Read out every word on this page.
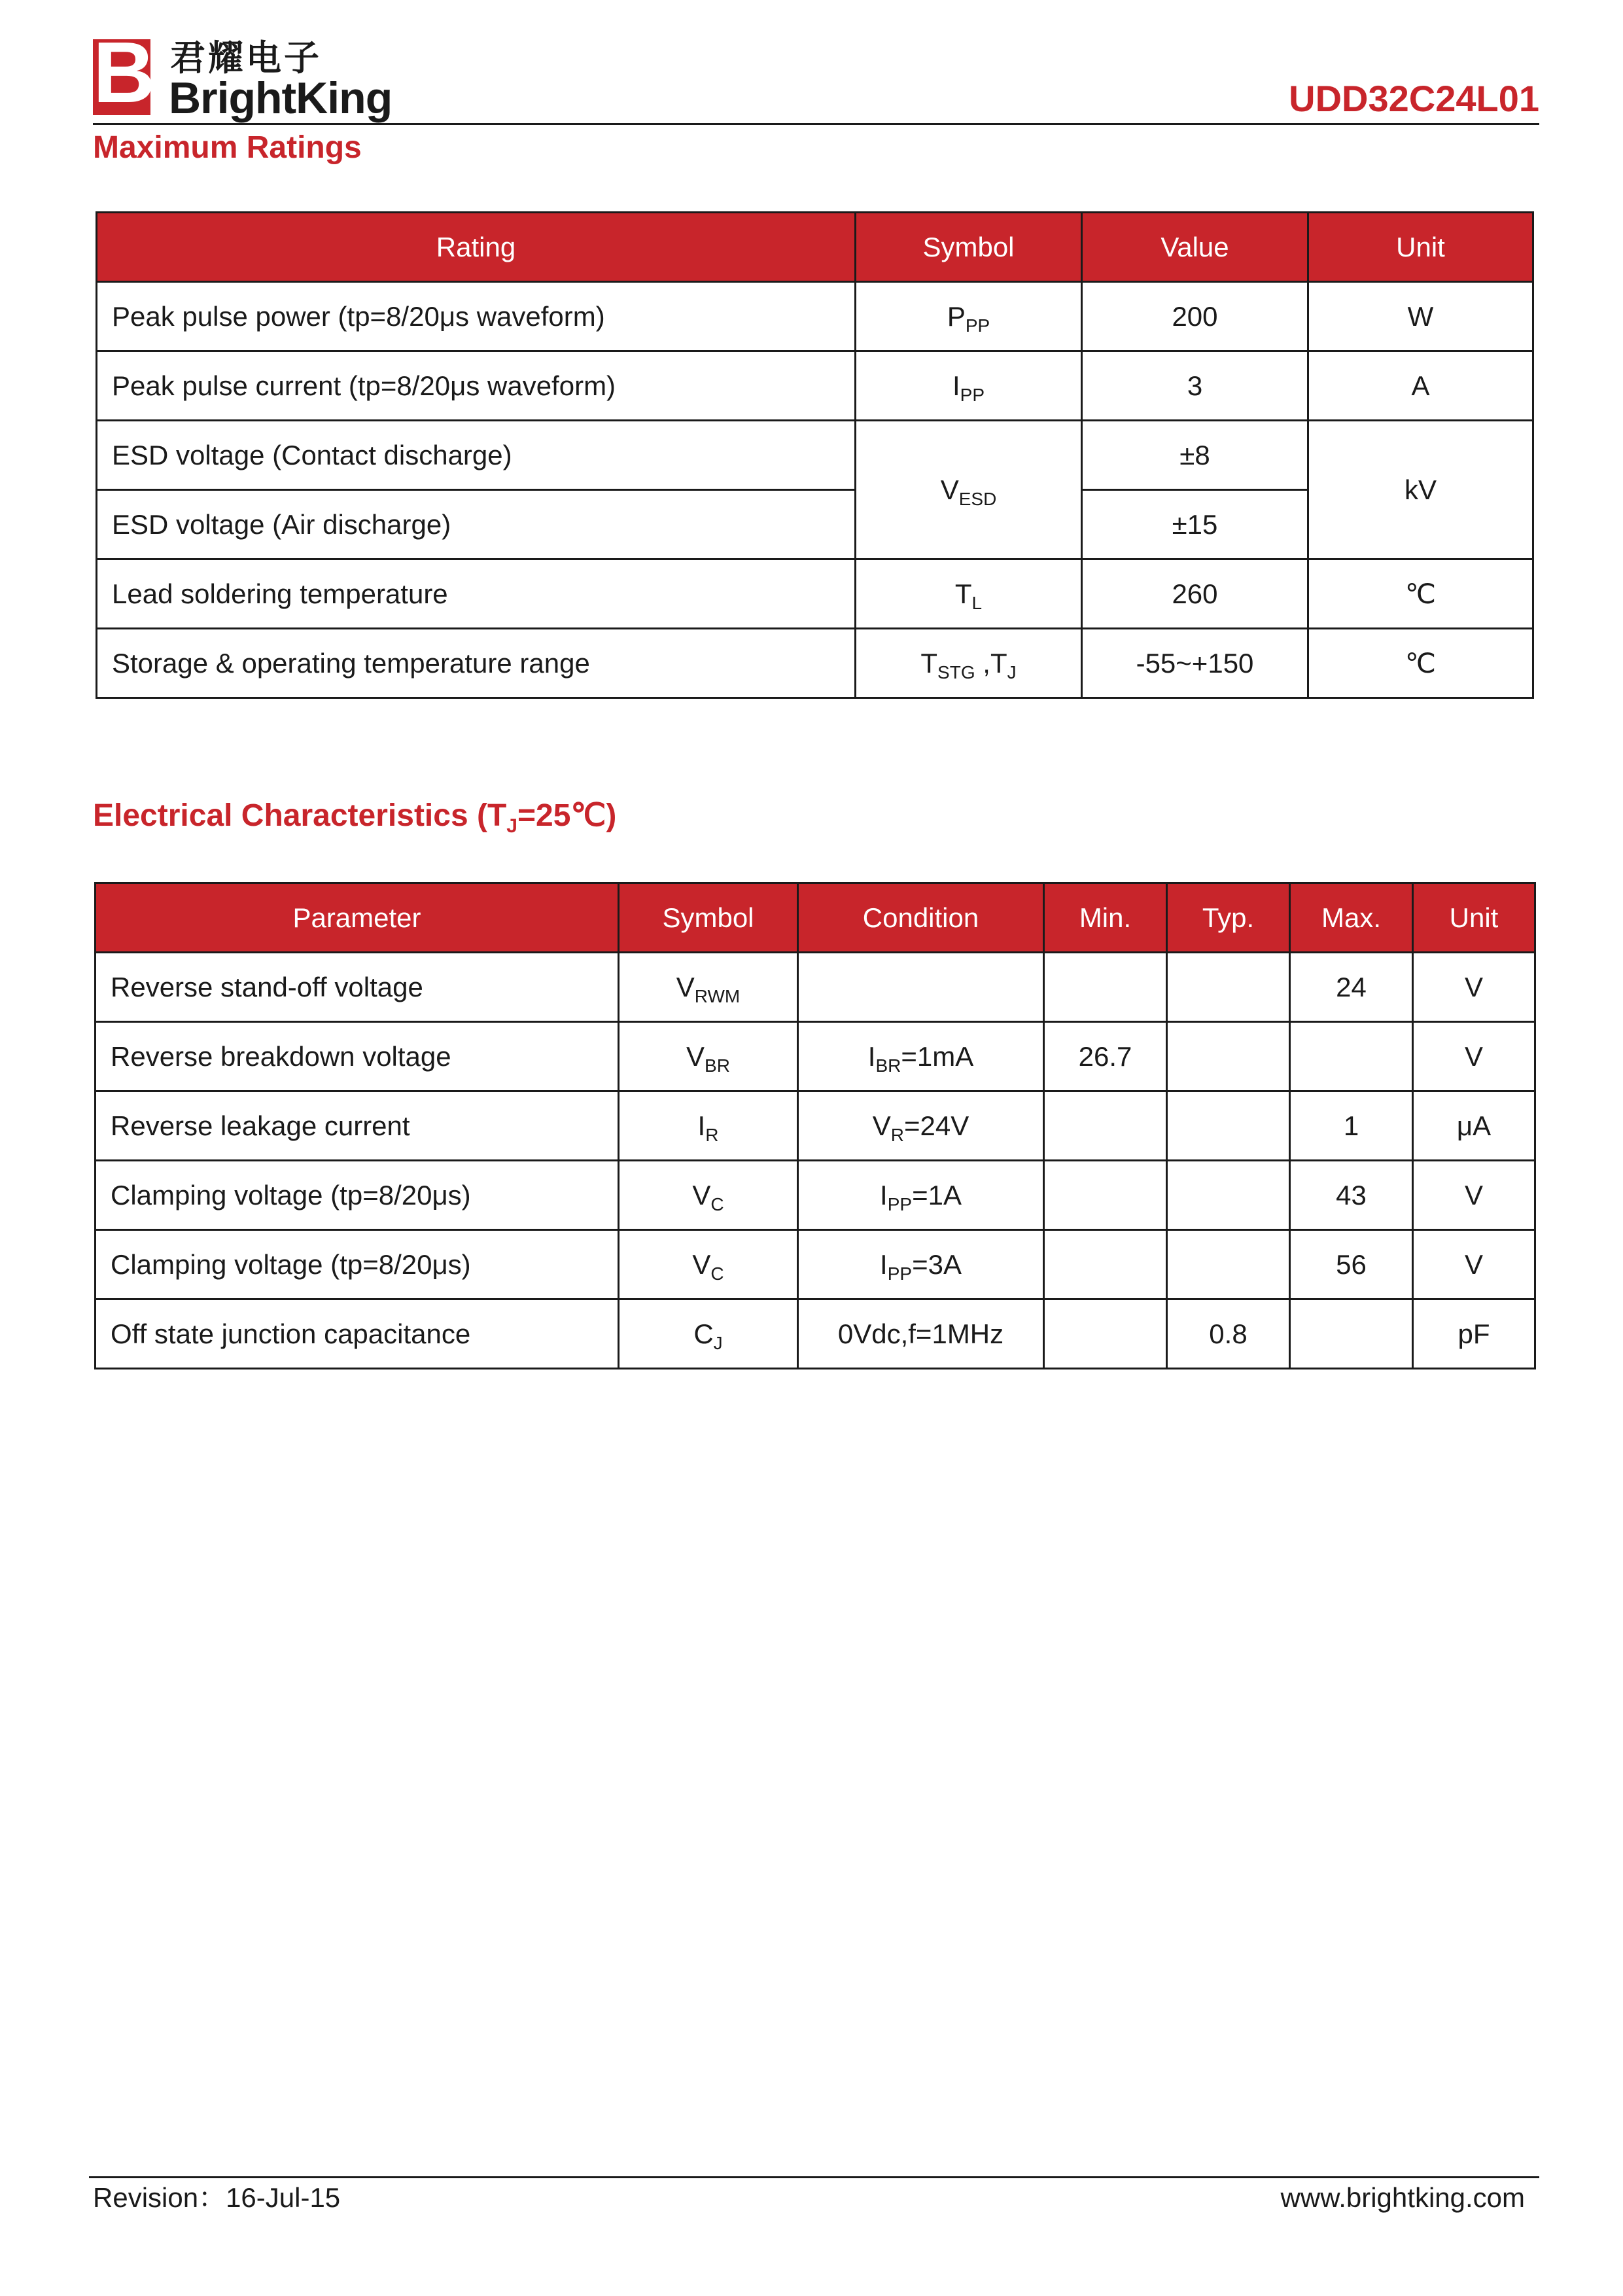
B 君耀电子
BrightKing	UDD32C24L01
Maximum Ratings
Rating	Symbol	Value	Unit
Peak pulse power (tp=8/20μs waveform)	$P_{PP}$	200	W
Peak pulse current (tp=8/20μs waveform)	$I_{PP}$	3	A
ESD voltage (Contact discharge)	$V_{ESD}$	±8	kV
ESD voltage (Air discharge)		±15	
Lead soldering temperature	$T_L$	260	℃
Storage & operating temperature range	$T_{STG}$ $,T_J$	-55~+150	℃
Electrical Characteristics $(T_J=25℃)$
Parameter	Symbol	Condition	Min.	Typ.	Max.	Unit
Reverse stand-off voltage	$V_{RWM}$				24	V
Reverse breakdown voltage	$V_{BR}$	$I_{BR}=1mA$	26.7			V
Reverse leakage current	$I_R$	$V_R=24V$			1	μA
Clamping voltage (tp=8/20μs)	$V_C$	$I_{PP}=1A$			43	V
Clamping voltage (tp=8/20μs)	$V_C$	$I_{PP}=3A$			56	V
Off state junction capacitance	$C_J$	0Vdc,f=1MHz		0.8		pF
Revision：16-Jul-15	www.brightking.com
